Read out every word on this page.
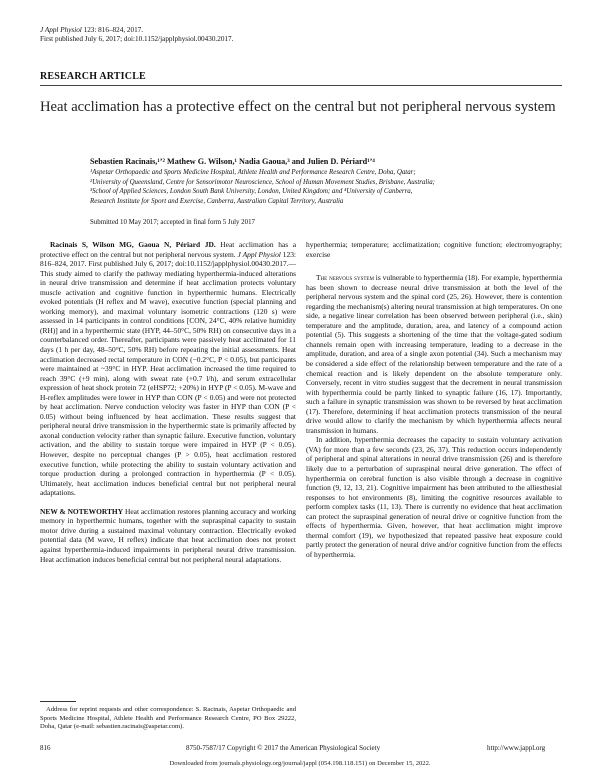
J Appl Physiol 123: 816–824, 2017.
First published July 6, 2017; doi:10.1152/japplphysiol.00430.2017.
RESEARCH ARTICLE
Heat acclimation has a protective effect on the central but not peripheral nervous system
Sebastien Racinais,¹ʼ² Mathew G. Wilson,¹ Nadia Gaoua,³ and Julien D. Périard¹ʼ⁴
¹Aspetar Orthopaedic and Sports Medicine Hospital, Athlete Health and Performance Research Centre, Doha, Qatar;
²University of Queensland, Centre for Sensorimotor Neuroscience, School of Human Movement Studies, Brisbane, Australia;
³School of Applied Sciences, London South Bank University, London, United Kingdom; and ⁴University of Canberra,
Research Institute for Sport and Exercise, Canberra, Australian Capital Territory, Australia
Submitted 10 May 2017; accepted in final form 5 July 2017

Racinais S, Wilson MG, Gaoua N, Périard JD. Heat acclimation has a protective effect on the central but not peripheral nervous system. J Appl Physiol 123: 816–824, 2017. First published July 6, 2017; doi:10.1152/japplphysiol.00430.2017.—This study aimed to clarify the pathway mediating hyperthermia-induced alterations in neural drive transmission and determine if heat acclimation protects voluntary muscle activation and cognitive function in hyperthermic humans. Electrically evoked potentials (H reflex and M wave), executive function (special planning and working memory), and maximal voluntary isometric contractions (120 s) were assessed in 14 participants in control conditions [CON, 24°C, 40% relative humidity (RH)] and in a hyperthermic state (HYP, 44–50°C, 50% RH) on consecutive days in a counterbalanced order. Thereafter, participants were passively heat acclimated for 11 days (1 h per day, 48–50°C, 50% RH) before repeating the initial assessments. Heat acclimation decreased rectal temperature in CON (−0.2°C, P < 0.05), but participants were maintained at ~39°C in HYP. Heat acclimation increased the time required to reach 39°C (+9 min), along with sweat rate (+0.7 l/h), and serum extracellular expression of heat shock protein 72 (eHSP72; +20%) in HYP (P < 0.05). M-wave and H-reflex amplitudes were lower in HYP than CON (P < 0.05) and were not protected by heat acclimation. Nerve conduction velocity was faster in HYP than CON (P < 0.05) without being influenced by heat acclimation. These results suggest that peripheral neural drive transmission in the hyperthermic state is primarily affected by axonal conduction velocity rather than synaptic failure. Executive function, voluntary activation, and the ability to sustain torque were impaired in HYP (P < 0.05). However, despite no perceptual changes (P > 0.05), heat acclimation restored executive function, while protecting the ability to sustain voluntary activation and torque production during a prolonged contraction in hyperthermia (P < 0.05). Ultimately, heat acclimation induces beneficial central but not peripheral neural adaptations.

NEW & NOTEWORTHY Heat acclimation restores planning accuracy and working memory in hyperthermic humans, together with the supraspinal capacity to sustain motor drive during a sustained maximal voluntary contraction. Electrically evoked potential data (M wave, H reflex) indicate that heat acclimation does not protect against hyperthermia-induced impairments in peripheral neural drive transmission. Heat acclimation induces beneficial central but not peripheral neural adaptations.

hyperthermia; temperature; acclimatization; cognitive function; electromyography; exercise

The nervous system is vulnerable to hyperthermia (18). For example, hyperthermia has been shown to decrease neural drive transmission at both the level of the peripheral nervous system and the spinal cord (25, 26). However, there is contention regarding the mechanism(s) altering neural transmission at high temperatures. On one side, a negative linear correlation has been observed between peripheral (i.e., skin) temperature and the amplitude, duration, area, and latency of a compound action potential (5). This suggests a shortening of the time that the voltage-gated sodium channels remain open with increasing temperature, leading to a decrease in the amplitude, duration, and area of a single axon potential (34). Such a mechanism may be considered a side effect of the relationship between temperature and the rate of a chemical reaction and is likely dependent on the absolute temperature only. Conversely, recent in vitro studies suggest that the decrement in neural transmission with hyperthermia could be partly linked to synaptic failure (16, 17). Importantly, such a failure in synaptic transmission was shown to be reversed by heat acclimation (17). Therefore, determining if heat acclimation protects transmission of the neural drive would allow to clarify the mechanism by which hyperthermia affects neural transmission in humans.

In addition, hyperthermia decreases the capacity to sustain voluntary activation (VA) for more than a few seconds (23, 26, 37). This reduction occurs independently of peripheral and spinal alterations in neural drive transmission (26) and is therefore likely due to a perturbation of supraspinal neural drive generation. The effect of hyperthermia on cerebral function is also visible through a decrease in cognitive function (9, 12, 13, 21). Cognitive impairment has been attributed to the alliesthesial responses to hot environments (8), limiting the cognitive resources available to perform complex tasks (11, 13). There is currently no evidence that heat acclimation can protect the supraspinal generation of neural drive or cognitive function from the effects of hyperthermia. Given, however, that heat acclimation might improve thermal comfort (19), we hypothesized that repeated passive heat exposure could partly protect the generation of neural drive and/or cognitive function from the effects of hyperthermia.

Address for reprint requests and other correspondence: S. Racinais, Aspetar Orthopaedic and Sports Medicine Hospital, Athlete Health and Performance Research Centre, PO Box 29222, Doha, Qatar (e-mail: sebastien.racinais@aspetar.com).
816	8750-7587/17 Copyright © 2017 the American Physiological Society	http://www.jappl.org
Downloaded from journals.physiology.org/journal/jappl (054.198.118.151) on December 15, 2022.
